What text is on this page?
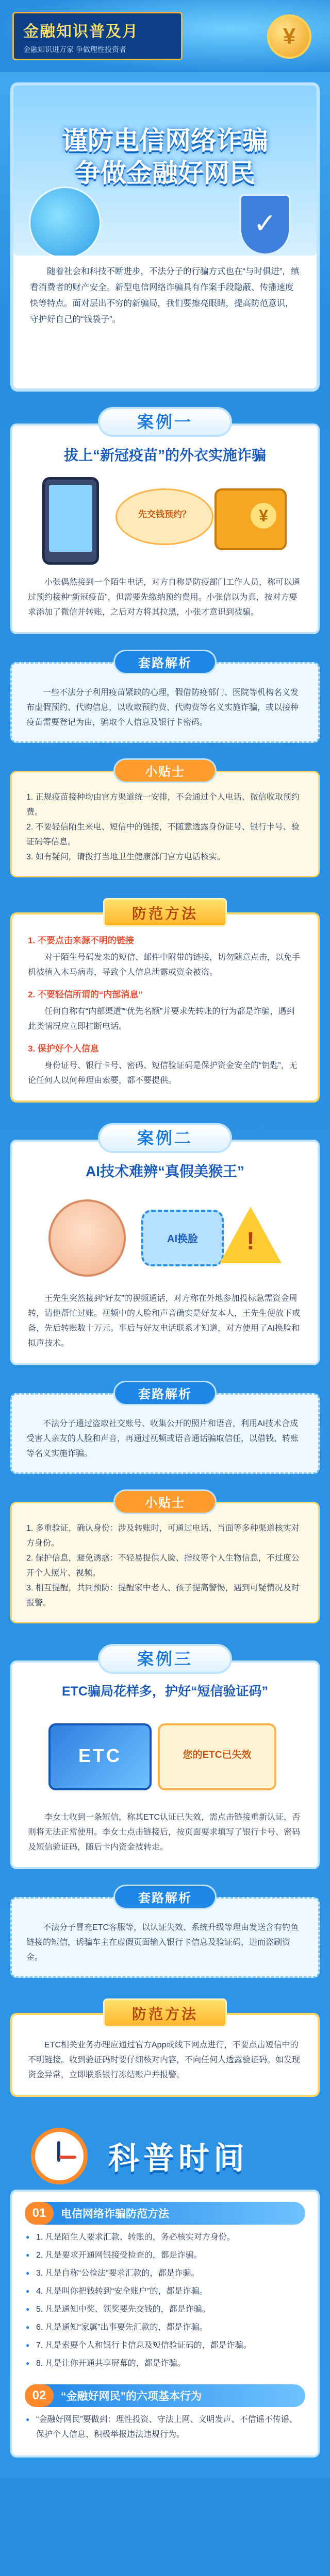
金融知识普及月
金融知识进万家 争做理性投资者
¥
谨防电信网络诈骗
争做金融好网民
✓
随着社会和科技不断进步，不法分子的行骗方式也在“与时俱进”，缜看消费者的财产安全。新型电信网络诈骗具有作案手段隐蔽、传播速度快等特点。面对层出不穷的新骗局，我们要擦亮眼睛，提高防范意识，守护好自己的“钱袋子”。
案例一
拔上“新冠疫苗”的外衣实施诈骗
先交钱预约？
¥
小张偶然接到一个陌生电话，对方自称是防疫部门工作人员，称可以通过预约接种“新冠疫苗”，但需要先缴纳预约费用。小张信以为真，按对方要求添加了微信并转账，之后对方将其拉黑，小张才意识到被骗。
套路解析
一些不法分子利用疫苗紧缺的心理，假借防疫部门、医院等机构名义发布虚假预约、代购信息，以收取预约费、代购费等名义实施诈骗，或以接种疫苗需要登记为由，骗取个人信息及银行卡密码。
小贴士
1. 正规疫苗接种均由官方渠道统一安排，不会通过个人电话、微信收取预约费。
2. 不要轻信陌生来电、短信中的链接，不随意透露身份证号、银行卡号、验证码等信息。
3. 如有疑问，请拨打当地卫生健康部门官方电话核实。
防范方法
1. 不要点击来源不明的链接
对于陌生号码发来的短信、邮件中附带的链接，切勿随意点击，以免手机被植入木马病毒，导致个人信息泄露或资金被盗。
2. 不要轻信所谓的“内部消息”
任何自称有“内部渠道”“优先名额”并要求先转账的行为都是诈骗，遇到此类情况应立即挂断电话。
3. 保护好个人信息
身份证号、银行卡号、密码、短信验证码是保护资金安全的“钥匙”，无论任何人以何种理由索要，都不要提供。
案例二
AI技术难辨“真假美猴王”
AI换脸	!
王先生突然接到“好友”的视频通话，对方称在外地参加投标急需资金周转，请他帮忙过账。视频中的人脸和声音确实是好友本人，王先生便放下戒备，先后转账数十万元。事后与好友电话联系才知道，对方使用了AI换脸和拟声技术。
套路解析
不法分子通过盗取社交账号、收集公开的照片和语音，利用AI技术合成受害人亲友的人脸和声音，再通过视频或语音通话骗取信任，以借钱、转账等名义实施诈骗。
小贴士
1. 多重验证，确认身份：涉及转账时，可通过电话、当面等多种渠道核实对方身份。
2. 保护信息，避免诱惑：不轻易提供人脸、指纹等个人生物信息，不过度公开个人照片、视频。
3. 相互提醒，共同预防：提醒家中老人、孩子提高警惕，遇到可疑情况及时报警。
案例三
ETC骗局花样多，护好“短信验证码”
ETC	您的ETC已失效
李女士收到一条短信，称其ETC认证已失效，需点击链接重新认证，否则将无法正常使用。李女士点击链接后，按页面要求填写了银行卡号、密码及短信验证码，随后卡内资金被转走。
套路解析
不法分子冒充ETC客服等，以认证失效、系统升级等理由发送含有钓鱼链接的短信，诱骗车主在虚假页面输入银行卡信息及验证码，进而盗刷资金。
防范方法
ETC相关业务办理应通过官方App或线下网点进行，不要点击短信中的不明链接。收到验证码时要仔细核对内容，不向任何人透露验证码。如发现资金异常，立即联系银行冻结账户并报警。
科普时间
01	电信网络诈骗防范方法
● 1. 凡是陌生人要求汇款、转账的，务必核实对方身份。
● 2. 凡是要求开通网银接受检查的，都是诈骗。
● 3. 凡是自称“公检法”要求汇款的，都是诈骗。
● 4. 凡是叫你把钱转到“安全账户”的，都是诈骗。
● 5. 凡是通知中奖、领奖要先交钱的，都是诈骗。
● 6. 凡是通知“家属”出事要先汇款的，都是诈骗。
● 7. 凡是索要个人和银行卡信息及短信验证码的，都是诈骗。
● 8. 凡是让你开通共享屏幕的，都是诈骗。
02	“金融好网民”的六项基本行为
● “金融好网民”要做到：理性投资、守法上网、文明发声、不信谣不传谣、保护个人信息、积极举报违法违规行为。
